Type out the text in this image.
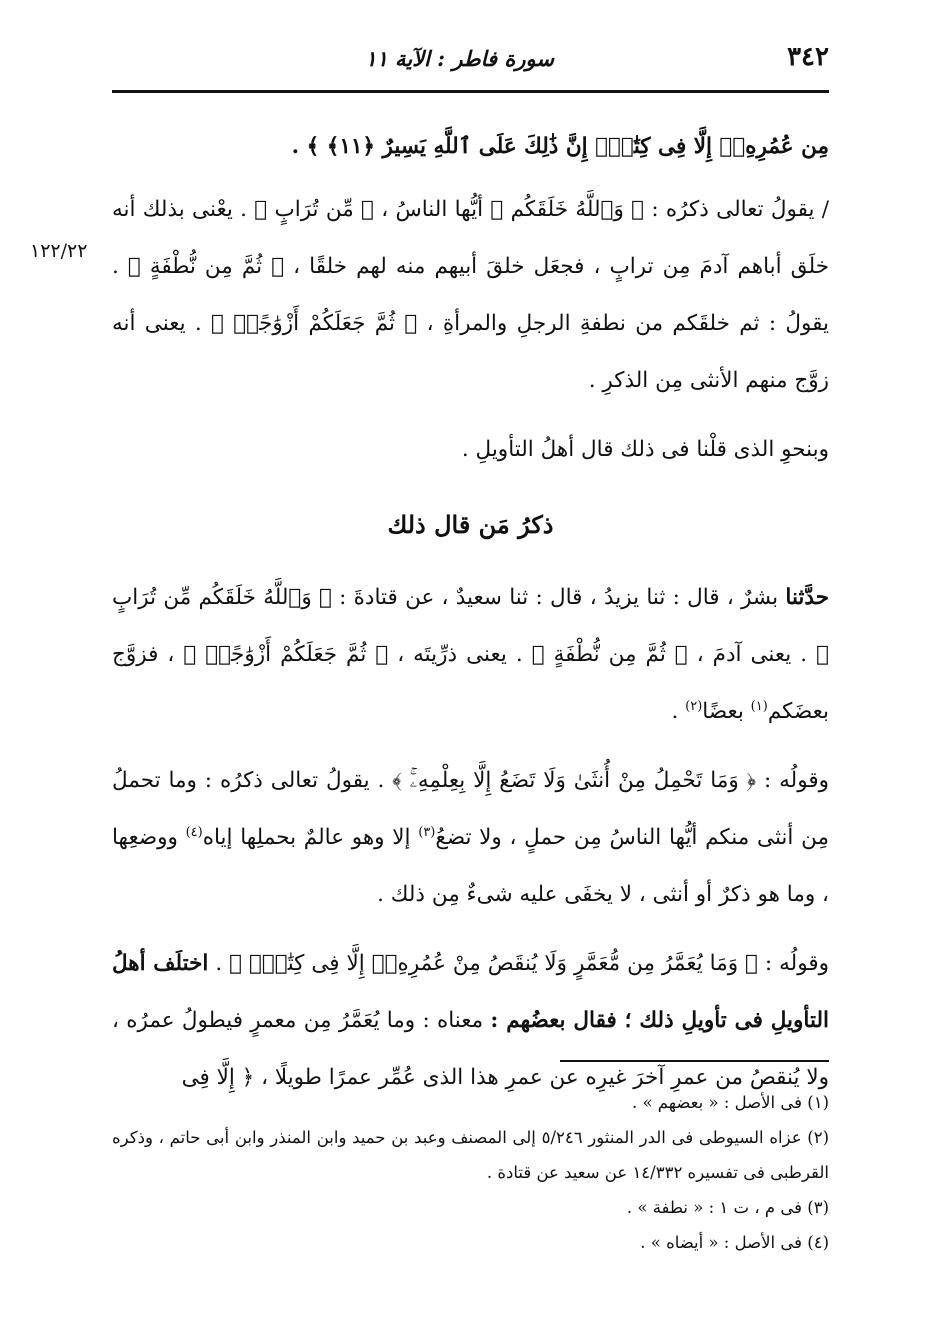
٣٤٢
سورة فاطر : الآية ١١
١٢٢/٢٢

مِن عُمُرِهِۦٓ إِلَّا فِى كِتَٰبٍۚ إِنَّ ذَٰلِكَ عَلَى ٱللَّهِ يَسِيرٌ ﴿١١﴾ ﴾ .

/ يقولُ تعالى ذكرُه : ﴿ وَٱللَّهُ خَلَقَكُم ﴾ أيُّها الناسُ ، ﴿ مِّن تُرَابٍ ﴾ . يعْنى بذلك أنه خلَق أباهم آدمَ مِن ترابٍ ، فجعَل خلقَ أبيهم منه لهم خلقًا ، ﴿ ثُمَّ مِن نُّطْفَةٍ ﴾ . يقولُ : ثم خلقَكم من نطفةِ الرجلِ والمرأةِ ، ﴿ ثُمَّ جَعَلَكُمْ أَزْوَٰجًاۚ ﴾ . يعنى أنه زوَّج منهم الأنثى مِن الذكرِ .

وبنحوِ الذى قلْنا فى ذلك قال أهلُ التأويلِ .

ذكرُ مَن قال ذلك

حدَّثنا بشرٌ ، قال : ثنا يزيدُ ، قال : ثنا سعيدٌ ، عن قتادةَ : ﴿ وَٱللَّهُ خَلَقَكُم مِّن تُرَابٍ ﴾ . يعنى آدمَ ، ﴿ ثُمَّ مِن نُّطْفَةٍ ﴾ . يعنى ذرِّيتَه ، ﴿ ثُمَّ جَعَلَكُمْ أَزْوَٰجًاۚ ﴾ ، فزوَّج بعضَكم$^{(١)}$ بعضًا$^{(٢)}$ .

وقولُه : ﴿ وَمَا تَحْمِلُ مِنْ أُنثَىٰ وَلَا تَضَعُ إِلَّا بِعِلْمِهِۦۚ ﴾ . يقولُ تعالى ذكرُه : وما تحملُ مِن أنثى منكم أيُّها الناسُ مِن حملٍ ، ولا تضعُ$^{(٣)}$ إلا وهو عالمٌ بحملِها إياه$^{(٤)}$ ووضعِها ، وما هو ذكرٌ أو أنثى ، لا يخفَى عليه شىءٌ مِن ذلك .

وقولُه : ﴿ وَمَا يُعَمَّرُ مِن مُّعَمَّرٍ وَلَا يُنقَصُ مِنْ عُمُرِهِۦٓ إِلَّا فِى كِتَٰبٍۚ ﴾ . اختلَف أهلُ التأويلِ فى تأويلِ ذلك ؛ فقال بعضُهم : معناه : وما يُعَمَّرُ مِن معمرٍ فيطولُ عمرُه ، ولا يُنقصُ من عمرِ آخرَ غيرِه عن عمرِ هذا الذى عُمِّر عمرًا طويلًا ، ﴿ إِلَّا فِى

(١) فى الأصل : « بعضهم » .

(٢) عزاه السيوطى فى الدر المنثور ٥/٢٤٦ إلى المصنف وعبد بن حميد وابن المنذر وابن أبى حاتم ، وذكره القرطبى فى تفسيره ١٤/٣٣٢ عن سعيد عن قتادة .

(٣) فى م ، ت ١ : « نطفة » .

(٤) فى الأصل : « أيضاه » .
